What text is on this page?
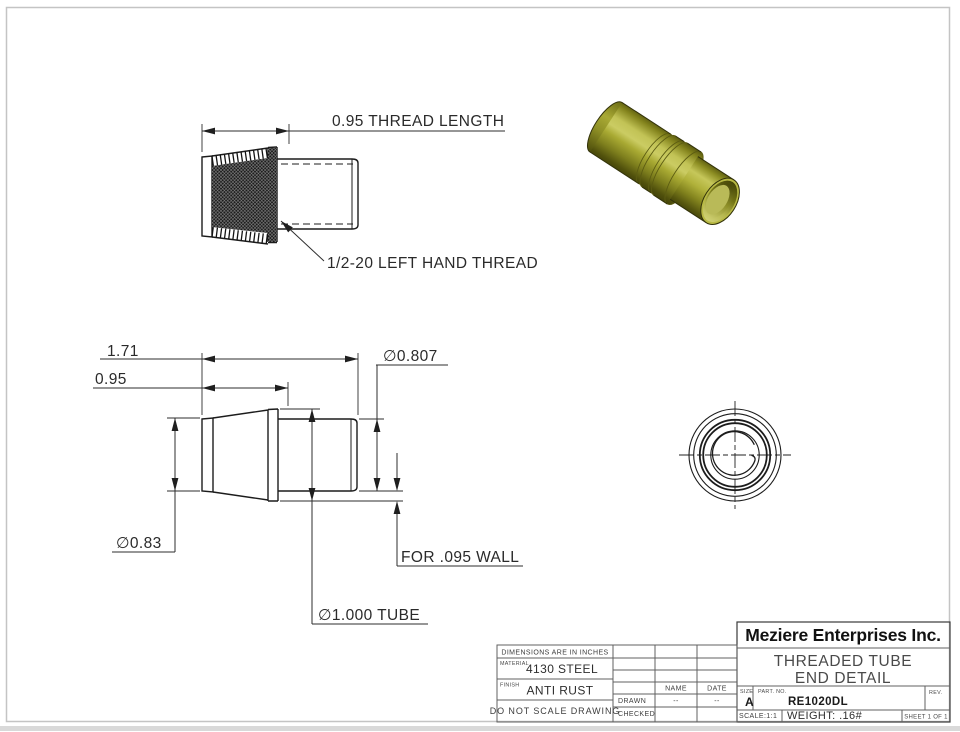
0.95 THREAD LENGTH
1/2-20 LEFT HAND THREAD
1.71
0.95
∅0.807
∅0.83
∅1.000 TUBE
FOR .095 WALL
DIMENSIONS ARE IN INCHES
MATERIAL
4130 STEEL
FINISH ANTI RUST
DO NOT SCALE DRAWING
NAME	DATE
DRAWN	--	--
CHECKED
Meziere Enterprises Inc.
THREADED TUBE
END DETAIL
SIZE
A
PART. NO.
RE1020DL
REV.
SCALE:1:1 WEIGHT: .16#	SHEET 1 OF 1
